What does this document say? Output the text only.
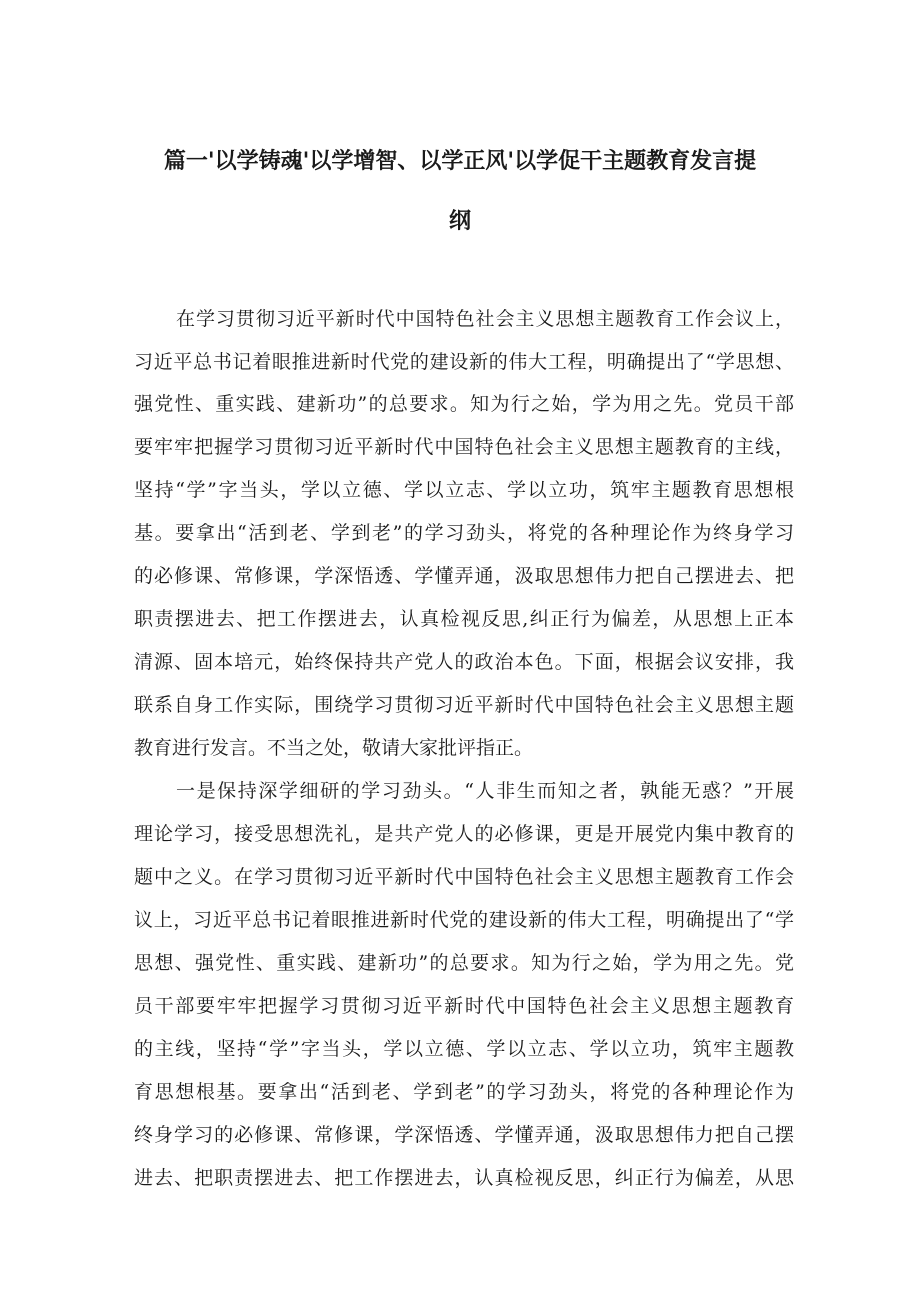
篇一'以学铸魂'以学增智、以学正风'以学促干主题教育发言提
纲
在学习贯彻习近平新时代中国特色社会主义思想主题教育工作会议上，
习近平总书记着眼推进新时代党的建设新的伟大工程，明确提出了“学思想、
强党性、重实践、建新功”的总要求。知为行之始，学为用之先。党员干部
要牢牢把握学习贯彻习近平新时代中国特色社会主义思想主题教育的主线，
坚持“学”字当头，学以立德、学以立志、学以立功，筑牢主题教育思想根
基。要拿出“活到老、学到老”的学习劲头，将党的各种理论作为终身学习
的必修课、常修课，学深悟透、学懂弄通，汲取思想伟力把自己摆进去、把
职责摆进去、把工作摆进去，认真检视反思,纠正行为偏差，从思想上正本
清源、固本培元，始终保持共产党人的政治本色。下面，根据会议安排，我
联系自身工作实际，围绕学习贯彻习近平新时代中国特色社会主义思想主题
教育进行发言。不当之处，敬请大家批评指正。
一是保持深学细研的学习劲头。“人非生而知之者，孰能无惑？”开展
理论学习，接受思想洗礼，是共产党人的必修课，更是开展党内集中教育的
题中之义。在学习贯彻习近平新时代中国特色社会主义思想主题教育工作会
议上，习近平总书记着眼推进新时代党的建设新的伟大工程，明确提出了“学
思想、强党性、重实践、建新功”的总要求。知为行之始，学为用之先。党
员干部要牢牢把握学习贯彻习近平新时代中国特色社会主义思想主题教育
的主线，坚持“学”字当头，学以立德、学以立志、学以立功，筑牢主题教
育思想根基。要拿出“活到老、学到老”的学习劲头，将党的各种理论作为
终身学习的必修课、常修课，学深悟透、学懂弄通，汲取思想伟力把自己摆
进去、把职责摆进去、把工作摆进去，认真检视反思，纠正行为偏差，从思
